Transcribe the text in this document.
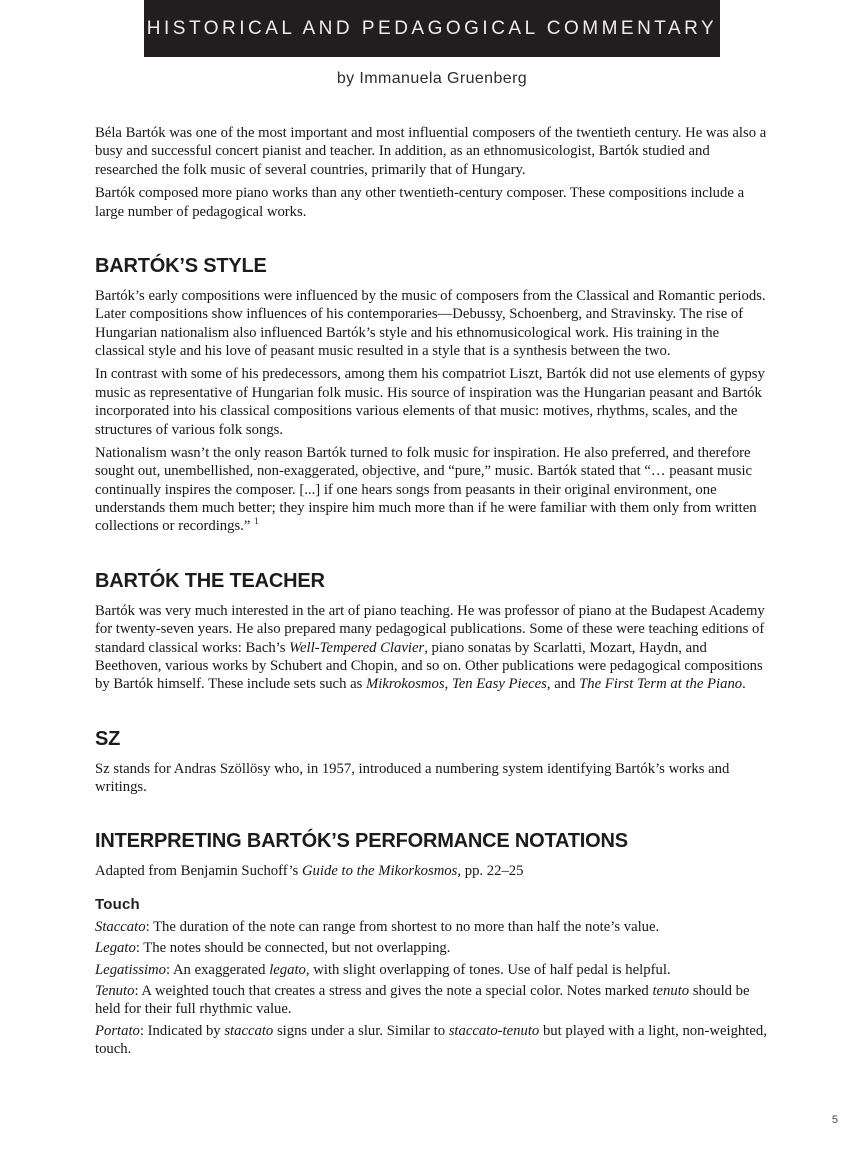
HISTORICAL AND PEDAGOGICAL COMMENTARY
by Immanuela Gruenberg

Béla Bartók was one of the most important and most influential composers of the twentieth century. He was also a busy and successful concert pianist and teacher. In addition, as an ethnomusicologist, Bartók studied and researched the folk music of several countries, primarily that of Hungary.

Bartók composed more piano works than any other twentieth-century composer. These compositions include a large number of pedagogical works.

BARTÓK’S STYLE

Bartók’s early compositions were influenced by the music of composers from the Classical and Romantic periods. Later compositions show influences of his contemporaries—Debussy, Schoenberg, and Stravinsky. The rise of Hungarian nationalism also influenced Bartók’s style and his ethnomusicological work. His training in the classical style and his love of peasant music resulted in a style that is a synthesis between the two.

In contrast with some of his predecessors, among them his compatriot Liszt, Bartók did not use elements of gypsy music as representative of Hungarian folk music. His source of inspiration was the Hungarian peasant and Bartók incorporated into his classical compositions various elements of that music: motives, rhythms, scales, and the structures of various folk songs.

Nationalism wasn’t the only reason Bartók turned to folk music for inspiration. He also preferred, and therefore sought out, unembellished, non-exaggerated, objective, and “pure,” music. Bartók stated that “… peasant music continually inspires the composer. [...] if one hears songs from peasants in their original environment, one understands them much better; they inspire him much more than if he were familiar with them only from written collections or recordings.” $^1$

BARTÓK THE TEACHER

Bartók was very much interested in the art of piano teaching. He was professor of piano at the Budapest Academy for twenty-seven years. He also prepared many pedagogical publications. Some of these were teaching editions of standard classical works: Bach’s Well-Tempered Clavier, piano sonatas by Scarlatti, Mozart, Haydn, and Beethoven, various works by Schubert and Chopin, and so on. Other publications were pedagogical compositions by Bartók himself. These include sets such as Mikrokosmos, Ten Easy Pieces, and The First Term at the Piano.

SZ

Sz stands for Andras Szöllösy who, in 1957, introduced a numbering system identifying Bartók’s works and writings.

INTERPRETING BARTÓK’S PERFORMANCE NOTATIONS

Adapted from Benjamin Suchoff’s Guide to the Mikorkosmos, pp. 22–25

Touch

Staccato: The duration of the note can range from shortest to no more than half the note’s value.

Legato: The notes should be connected, but not overlapping.

Legatissimo: An exaggerated legato, with slight overlapping of tones. Use of half pedal is helpful.

Tenuto: A weighted touch that creates a stress and gives the note a special color. Notes marked tenuto should be held for their full rhythmic value.

Portato: Indicated by staccato signs under a slur. Similar to staccato-tenuto but played with a light, non-weighted, touch.

5
